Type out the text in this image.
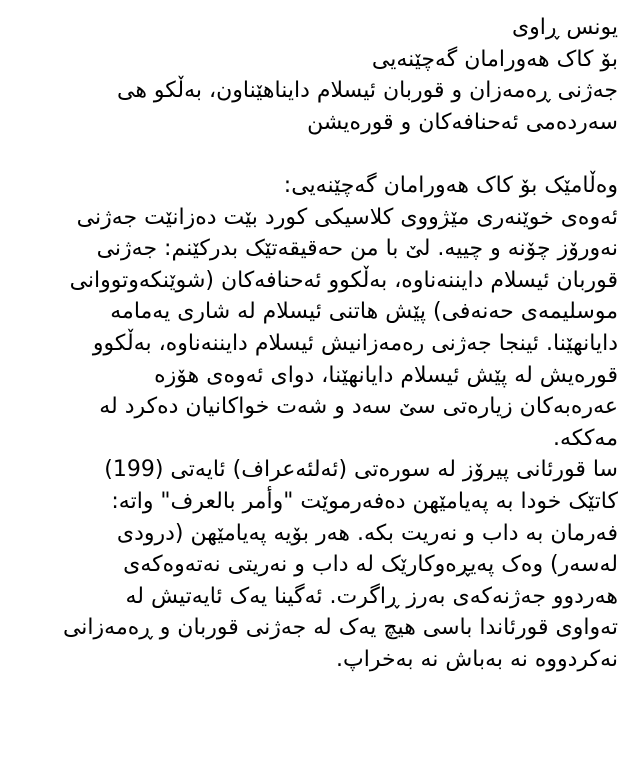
یونس ڕاوی
بۆ کاک هەورامان گەچێنەیی
جەژنی ڕەمەزان و قوربان ئیسلام دایناهێناون، بەڵکو هی
سەردەمی ئەحنافەکان و قورەیشن
وەڵامێک بۆ کاک هەورامان گەچێنەیی:
ئەوەی خوێنەری مێژووی کلاسیکی کورد بێت دەزانێت جەژنی
نەورۆز چۆنە و چییە. لێ با من حەقیقەتێک بدرکێنم: جەژنی
قوربان ئیسلام دایننەناوە، بەڵکوو ئەحنافەکان (شوێنکەوتووانی
موسلیمەی حەنەفی) پێش هاتنی ئیسلام لە شاری یەمامە
دایانهێنا. ئینجا جەژنی رەمەزانیش ئیسلام دایننەناوە، بەڵکوو
قورەیش لە پێش ئیسلام دایانهێنا، دوای ئەوەی هۆزە
عەرەبەکان زیارەتی سێ سەد و شەت خواکانیان دەکرد لە
مەککە.
سا قورئانی پیرۆز لە سورەتی (ئەلئەعراف) ئایەتی (199)
کاتێک خودا بە پەیامێهن دەفەرموێت "وأمر بالعرف" واتە:
فەرمان بە داب و نەریت بکە. هەر بۆیە پەیامێهن (درودی
لەسەر) وەک پەیڕەوکارێک لە داب و نەریتی نەتەوەکەی
هەردوو جەژنەکەی بەرز ڕاگرت. ئەگینا یەک ئایەتیش لە
تەواوی قورئاندا باسی هیچ یەک لە جەژنی قوربان و ڕەمەزانی
نەکردووە نە بەباش نە بەخراپ.
